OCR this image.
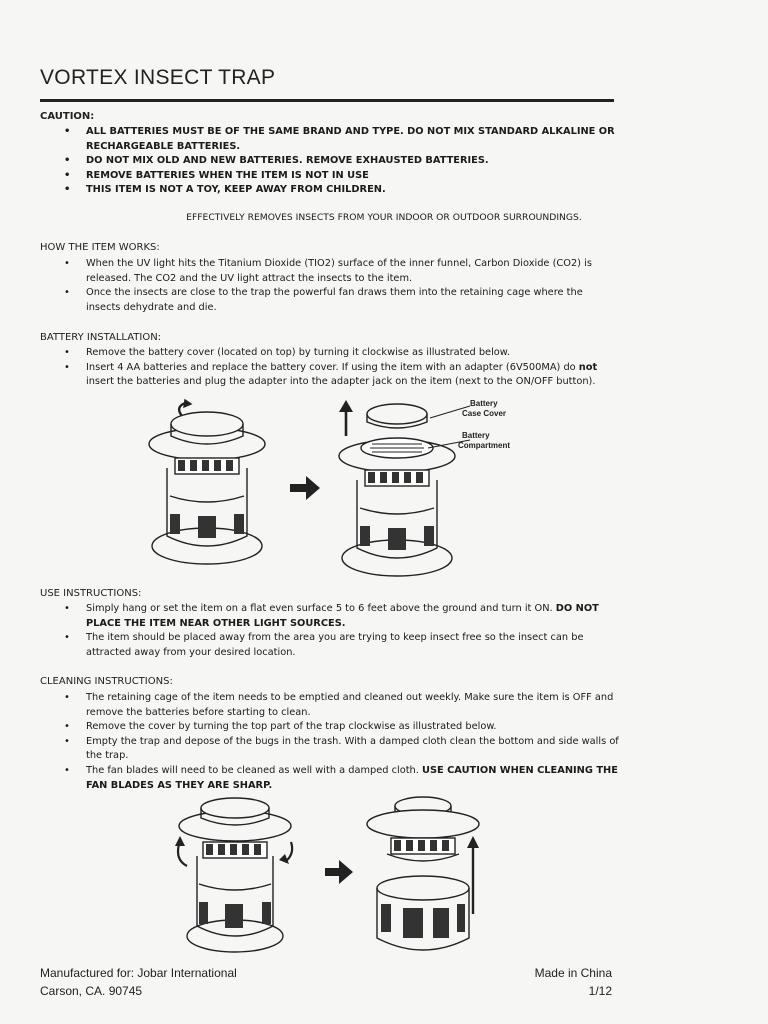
VORTEX INSECT TRAP
CAUTION:
• ALL BATTERIES MUST BE OF THE SAME BRAND AND TYPE. DO NOT MIX STANDARD ALKALINE OR RECHARGEABLE BATTERIES.
• DO NOT MIX OLD AND NEW BATTERIES. REMOVE EXHAUSTED BATTERIES.
• REMOVE BATTERIES WHEN THE ITEM IS NOT IN USE
• THIS ITEM IS NOT A TOY, KEEP AWAY FROM CHILDREN.
EFFECTIVELY REMOVES INSECTS FROM YOUR INDOOR OR OUTDOOR SURROUNDINGS.
HOW THE ITEM WORKS:
• When the UV light hits the Titanium Dioxide (TIO2) surface of the inner funnel, Carbon Dioxide (CO2) is released. The CO2 and the UV light attract the insects to the item.
• Once the insects are close to the trap the powerful fan draws them into the retaining cage where the insects dehydrate and die.
BATTERY INSTALLATION:
• Remove the battery cover (located on top) by turning it clockwise as illustrated below.
• Insert 4 AA batteries and replace the battery cover. If using the item with an adapter (6V500MA) do not insert the batteries and plug the adapter into the adapter jack on the item (next to the ON/OFF button).
Battery
Case Cover
Battery
Compartment
USE INSTRUCTIONS:
• Simply hang or set the item on a flat even surface 5 to 6 feet above the ground and turn it ON. DO NOT PLACE THE ITEM NEAR OTHER LIGHT SOURCES.
• The item should be placed away from the area you are trying to keep insect free so the insect can be attracted away from your desired location.
CLEANING INSTRUCTIONS:
• The retaining cage of the item needs to be emptied and cleaned out weekly. Make sure the item is OFF and remove the batteries before starting to clean.
• Remove the cover by turning the top part of the trap clockwise as illustrated below.
• Empty the trap and depose of the bugs in the trash. With a damped cloth clean the bottom and side walls of the trap.
• The fan blades will need to be cleaned as well with a damped cloth. USE CAUTION WHEN CLEANING THE FAN BLADES AS THEY ARE SHARP.
Manufactured for: Jobar International
Carson, CA. 90745
Made in China
1/12
